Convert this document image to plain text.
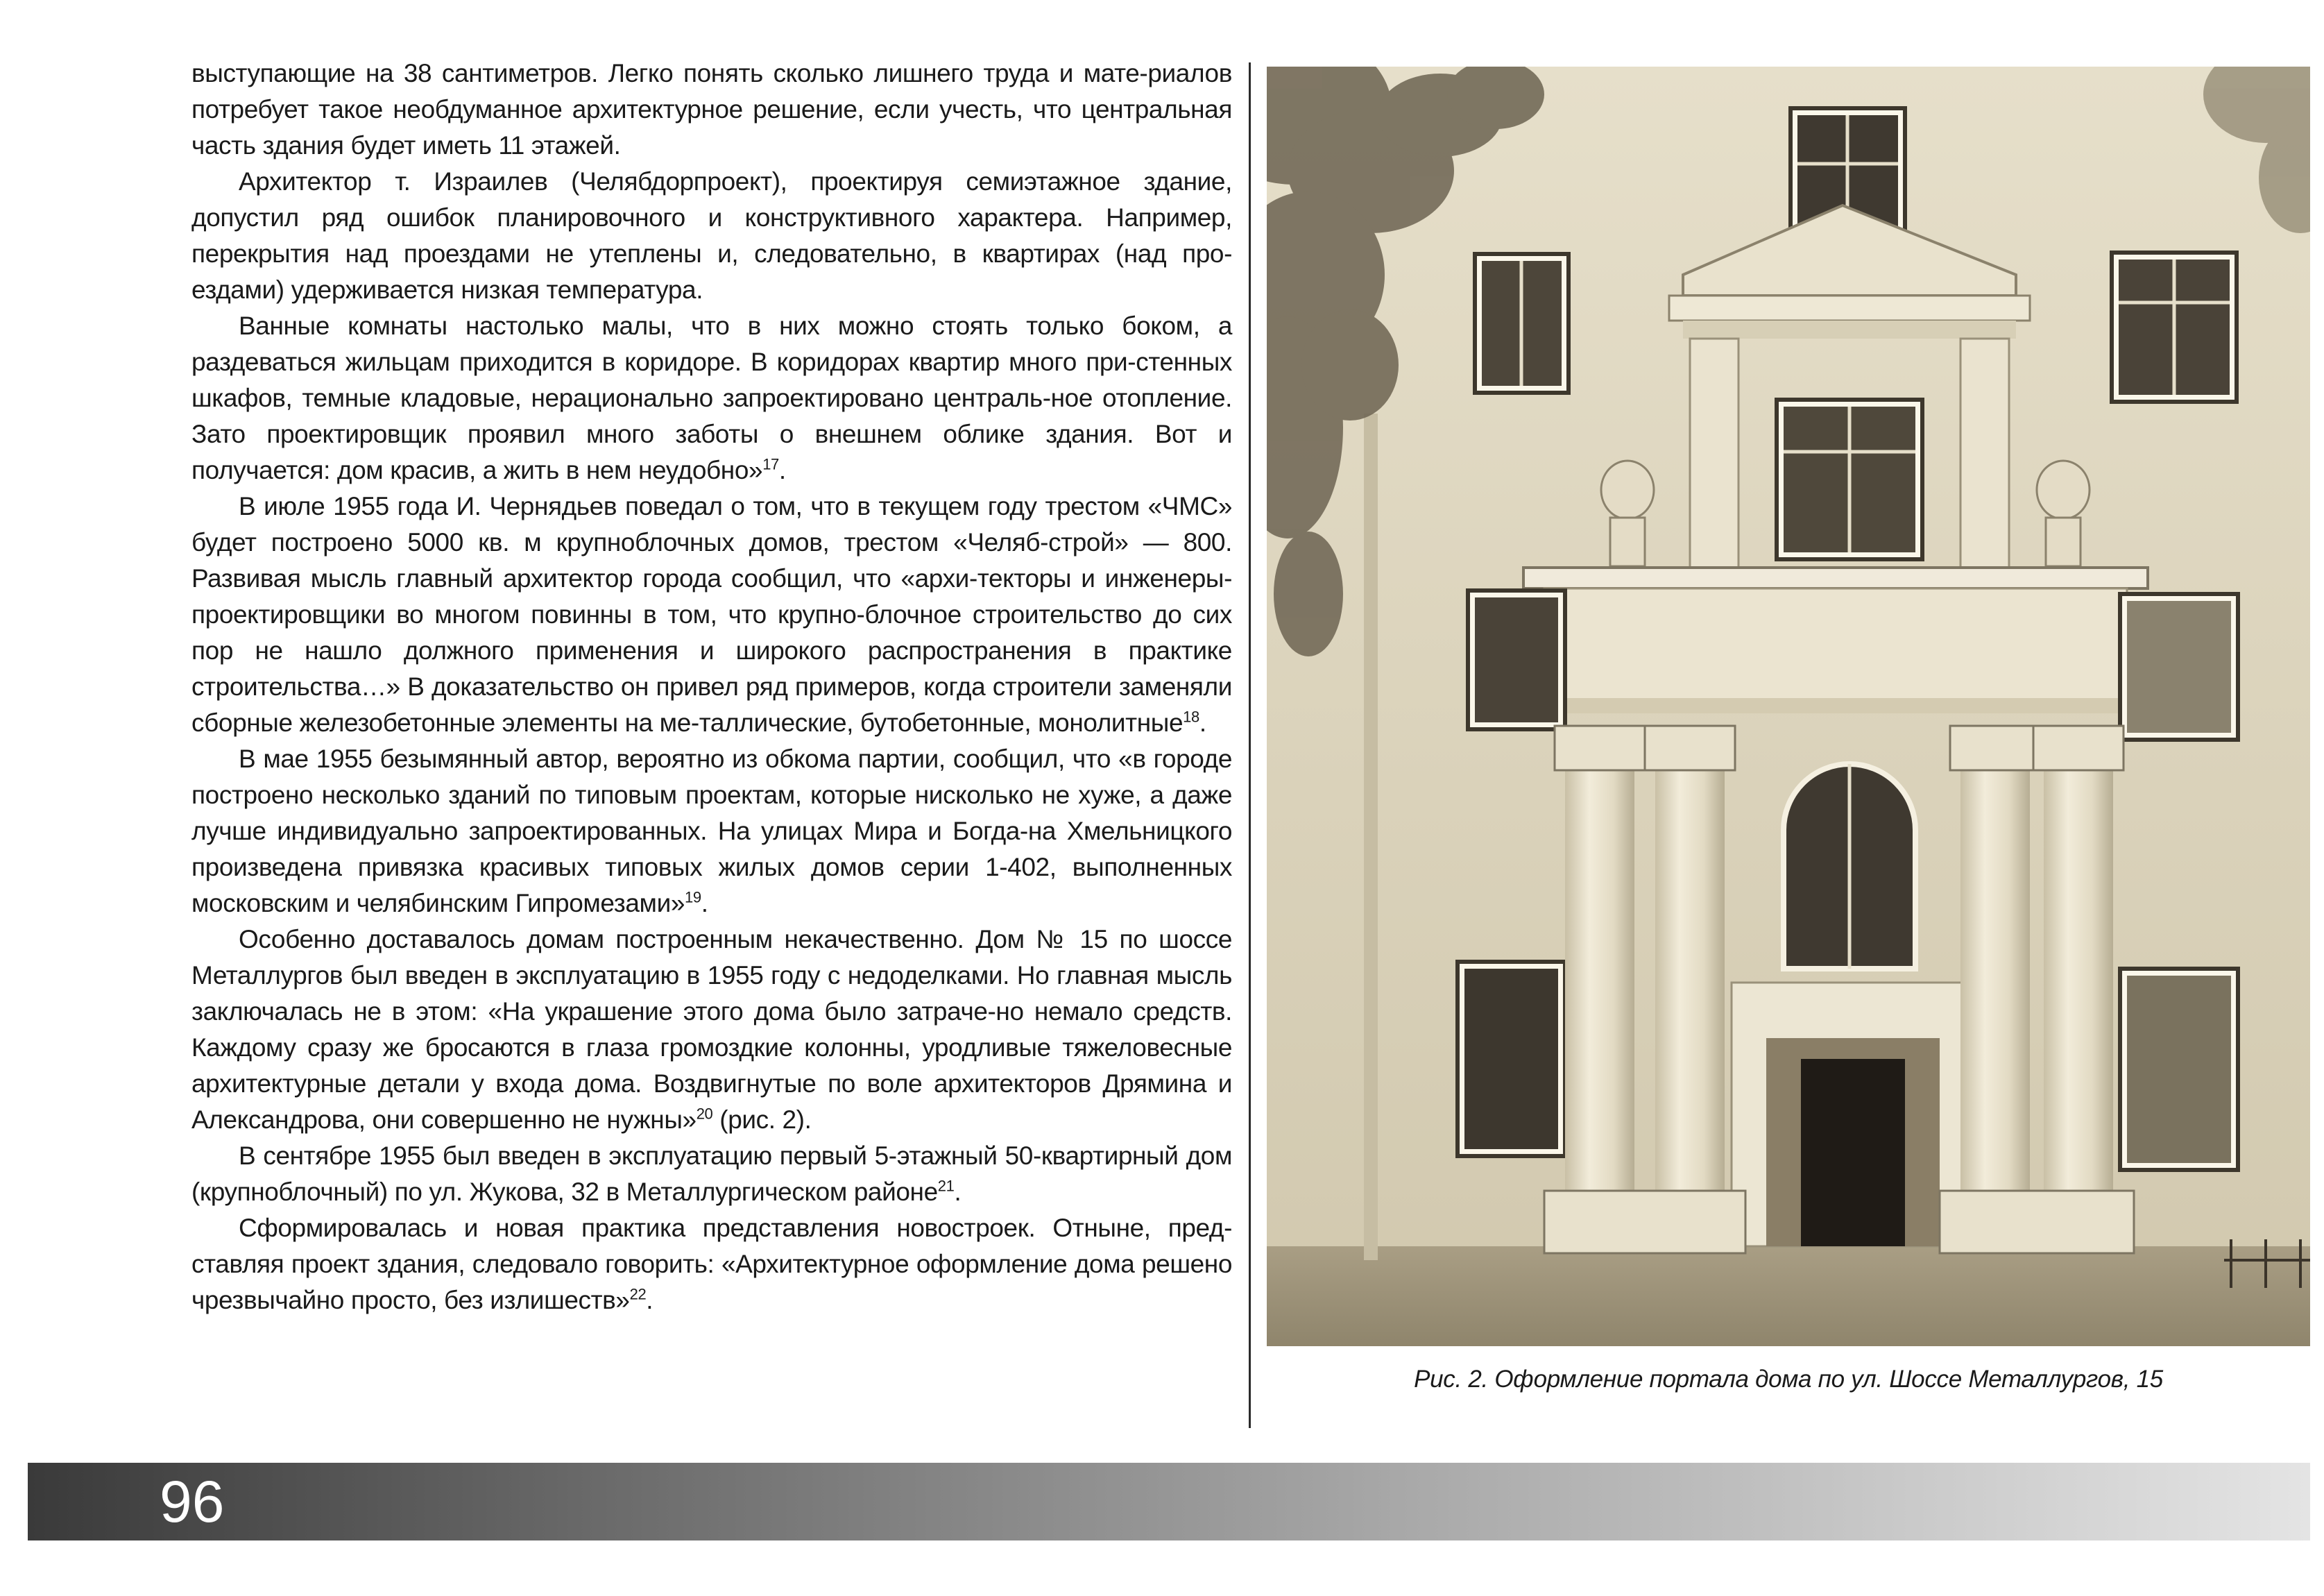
выступающие на 38 сантиметров. Легко понять сколько лишнего труда и мате-риалов потребует такое необдуманное архитектурное решение, если учесть, что центральная часть здания будет иметь 11 этажей.

Архитектор т. Израилев (Челябдорпроект), проектируя семиэтажное здание, допустил ряд ошибок планировочного и конструктивного характера. Например, перекрытия над проездами не утеплены и, следовательно, в квартирах (над про-ездами) удерживается низкая температура.

Ванные комнаты настолько малы, что в них можно стоять только боком, а раздеваться жильцам приходится в коридоре. В коридорах квартир много при-стенных шкафов, темные кладовые, нерационально запроектировано централь-ное отопление. Зато проектировщик проявил много заботы о внешнем облике здания. Вот и получается: дом красив, а жить в нем неудобно»$^{17}$.

В июле 1955 года И. Чернядьев поведал о том, что в текущем году трестом «ЧМС» будет построено 5000 кв. м крупноблочных домов, трестом «Челяб-строй» — 800. Развивая мысль главный архитектор города сообщил, что «архи-текторы и инженеры-проектировщики во многом повинны в том, что крупно-блочное строительство до сих пор не нашло должного применения и широкого распространения в практике строительства…» В доказательство он привел ряд примеров, когда строители заменяли сборные железобетонные элементы на ме-таллические, бутобетонные, монолитные$^{18}$.

В мае 1955 безымянный автор, вероятно из обкома партии, сообщил, что «в городе построено несколько зданий по типовым проектам, которые нисколько не хуже, а даже лучше индивидуально запроектированных. На улицах Мира и Богда-на Хмельницкого произведена привязка красивых типовых жилых домов серии 1-402, выполненных московским и челябинским Гипромезами»$^{19}$.

Особенно доставалось домам построенным некачественно. Дом № 15 по шоссе Металлургов был введен в эксплуатацию в 1955 году с недоделками. Но главная мысль заключалась не в этом: «На украшение этого дома было затраче-но немало средств. Каждому сразу же бросаются в глаза громоздкие колонны, уродливые тяжеловесные архитектурные детали у входа дома. Воздвигнутые по воле архитекторов Дрямина и Александрова, они совершенно не нужны»$^{20}$ (рис. 2).

В сентябре 1955 был введен в эксплуатацию первый 5-этажный 50-квартирный дом (крупноблочный) по ул. Жукова, 32 в Металлургическом районе$^{21}$.

Сформировалась и новая практика представления новостроек. Отныне, пред-ставляя проект здания, следовало говорить: «Архитектурное оформление дома решено чрезвычайно просто, без излишеств»$^{22}$.

Рис. 2. Оформление портала дома по ул. Шоссе Металлургов, 15
96
